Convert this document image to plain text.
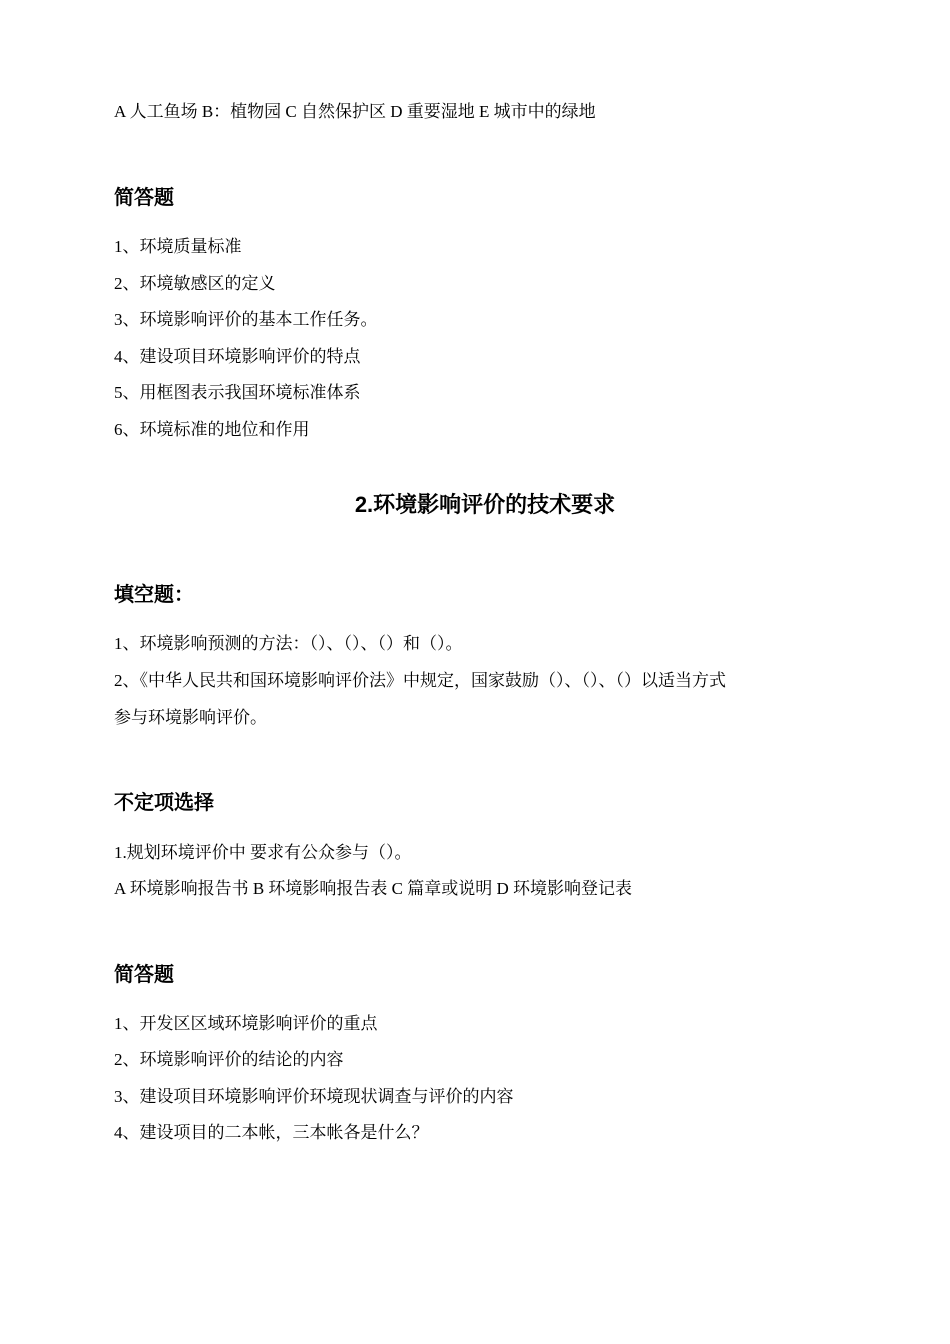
A 人工鱼场 B：植物园 C 自然保护区 D 重要湿地 E 城市中的绿地
简答题
1、环境质量标准
2、环境敏感区的定义
3、环境影响评价的基本工作任务。
4、建设项目环境影响评价的特点
5、用框图表示我国环境标准体系
6、环境标准的地位和作用
2.环境影响评价的技术要求
填空题：
1、环境影响预测的方法：（）、（）、（）和（）。
2、《中华人民共和国环境影响评价法》中规定，国家鼓励（）、（）、（）以适当方式
参与环境影响评价。
不定项选择
1.规划环境评价中 要求有公众参与（）。
A 环境影响报告书 B 环境影响报告表 C 篇章或说明 D 环境影响登记表
简答题
1、开发区区域环境影响评价的重点
2、环境影响评价的结论的内容
3、建设项目环境影响评价环境现状调查与评价的内容
4、建设项目的二本帐，三本帐各是什么？
